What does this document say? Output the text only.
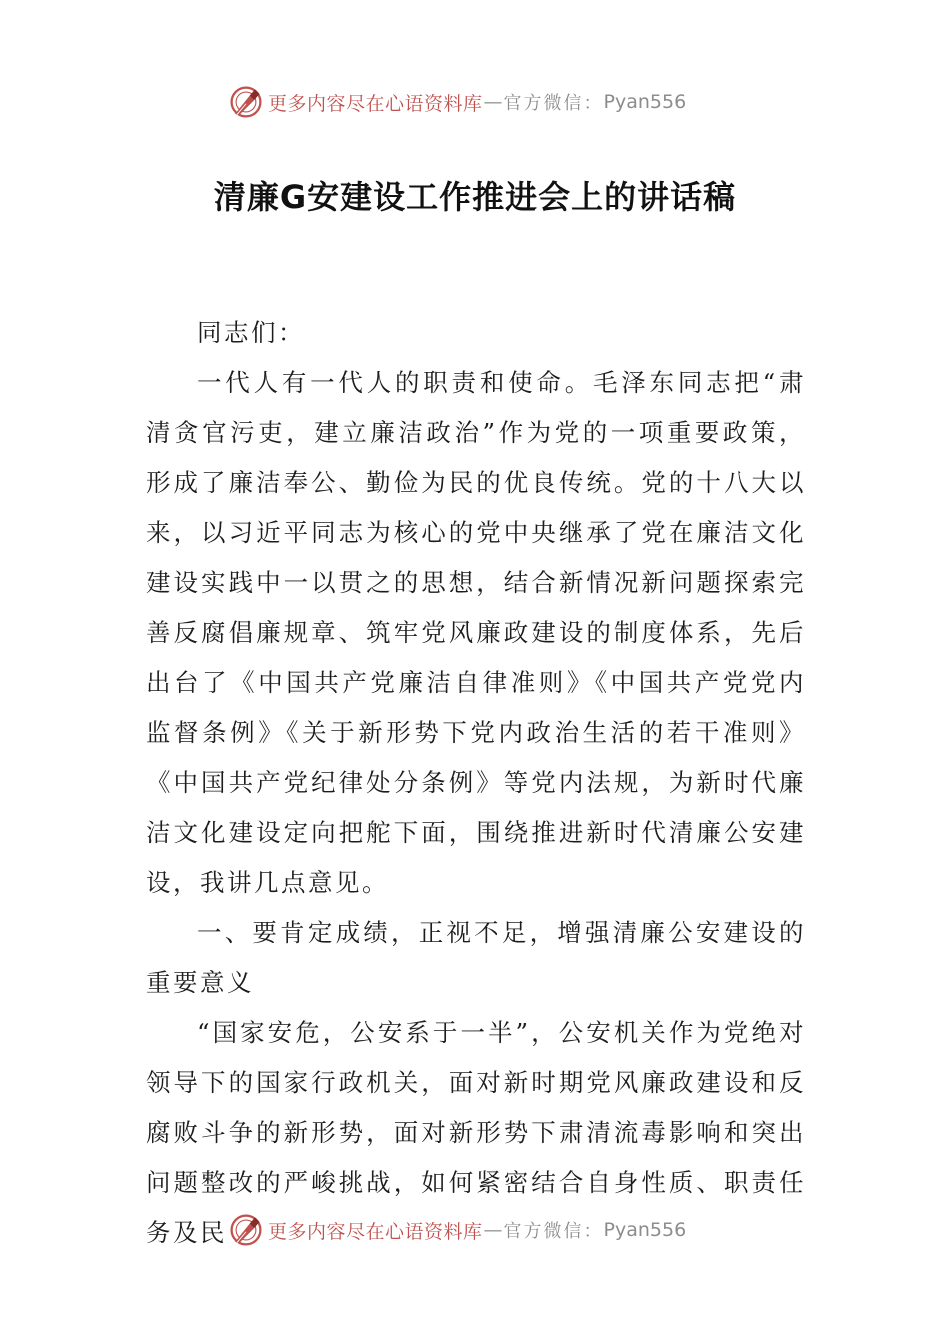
更多内容尽在心语资料库 — 官方微信： Pyan556
清廉G安建设工作推进会上的讲话稿

同志们：

一代人有一代人的职责和使命。毛泽东同志把“肃清贪官污吏，建立廉洁政治”作为党的一项重要政策，形成了廉洁奉公、勤俭为民的优良传统。党的十八大以来，以习近平同志为核心的党中央继承了党在廉洁文化建设实践中一以贯之的思想，结合新情况新问题探索完善反腐倡廉规章、筑牢党风廉政建设的制度体系，先后出台了《中国共产党廉洁自律准则》《中国共产党党内监督条例》《关于新形势下党内政治生活的若干准则》《中国共产党纪律处分条例》等党内法规，为新时代廉洁文化建设定向把舵下面，围绕推进新时代清廉公安建设，我讲几点意见。

一、要肯定成绩，正视不足，增强清廉公安建设的重要意义

“国家安危，公安系于一半”，公安机关作为党绝对领导下的国家行政机关，面对新时期党风廉政建设和反腐败斗争的新形势，面对新形势下肃清流毒影响和突出问题整改的严峻挑战，如何紧密结合自身性质、职责任务及民	更多内容尽在心语资料库 — 官方微信： Pyan556
